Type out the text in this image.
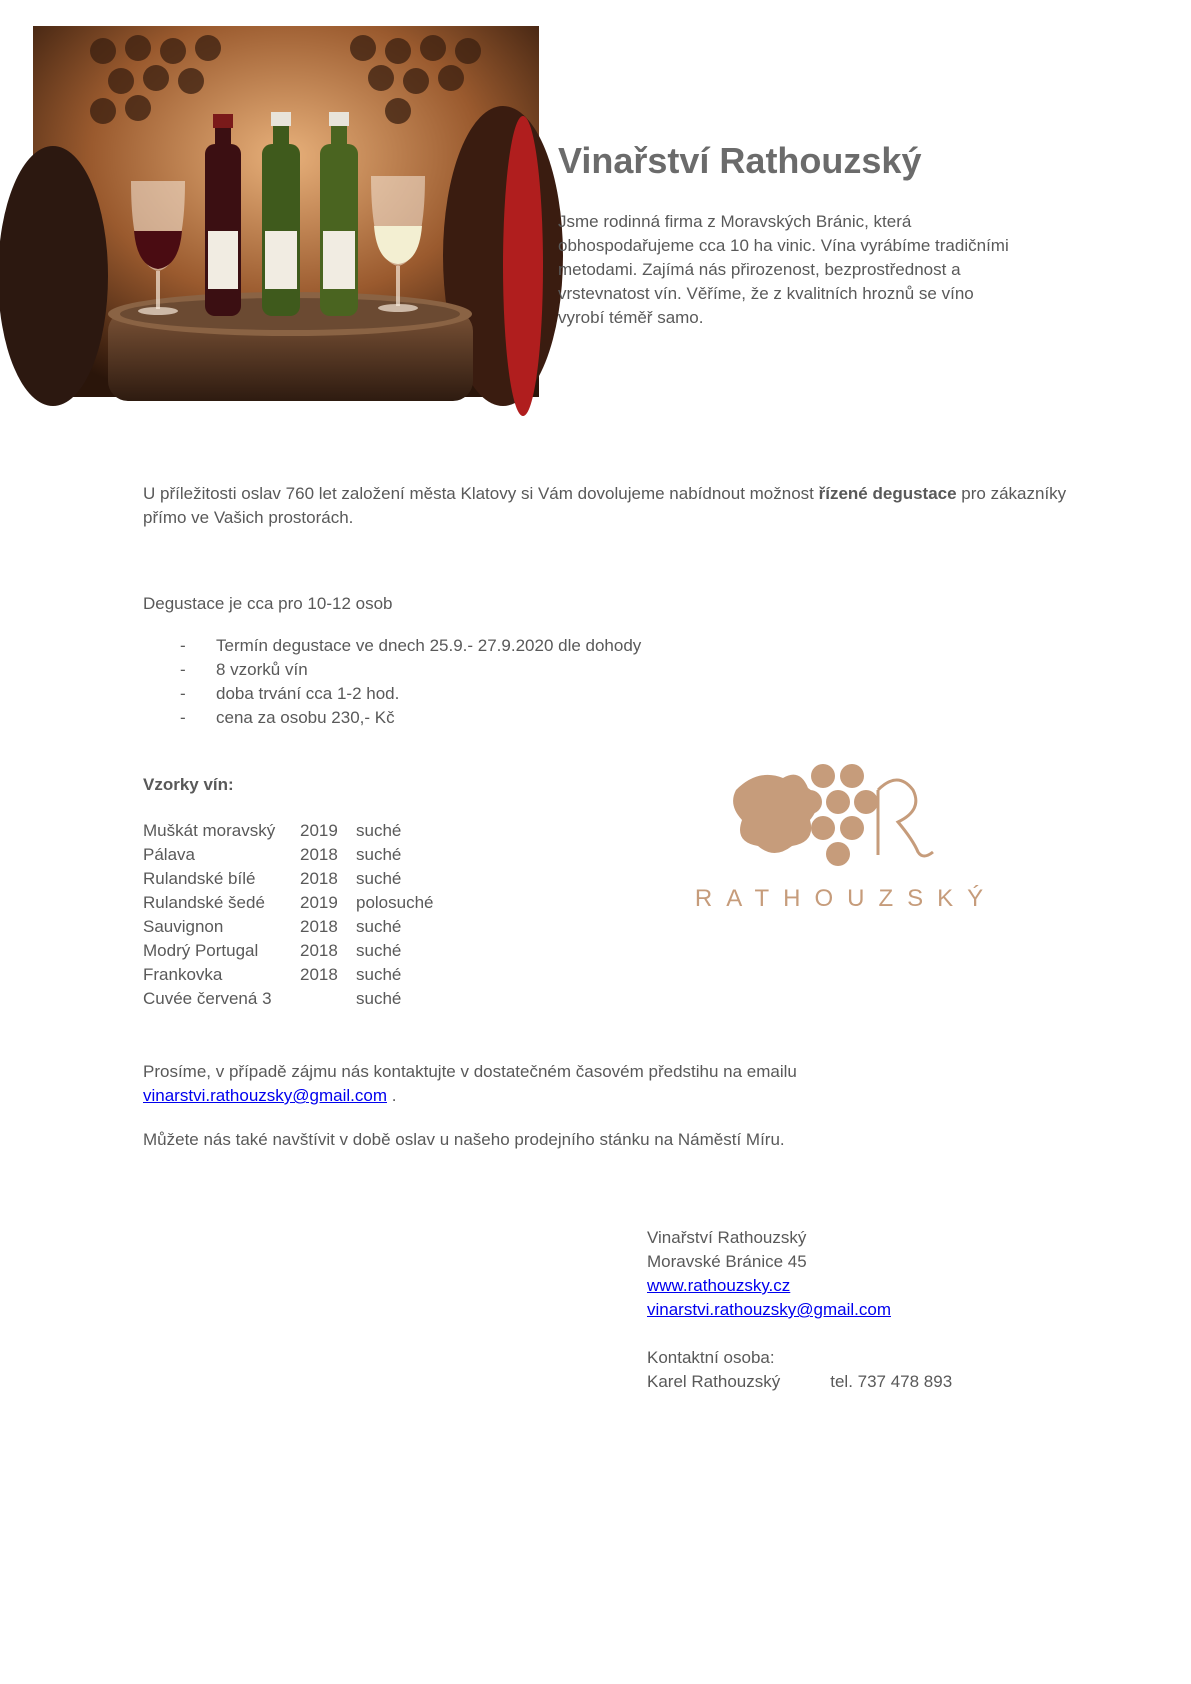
Vinařství Rathouzský
Jsme rodinná firma z Moravských Bránic, která
obhospodařujeme cca 10 ha vinic. Vína vyrábíme tradičními
metodami. Zajímá nás přirozenost, bezprostřednost a
vrstevnatost vín. Věříme, že z kvalitních hroznů se víno
vyrobí téměř samo.
U příležitosti oslav 760 let založení města Klatovy si Vám dovolujeme nabídnout možnost řízené degustace pro zákazníky přímo ve Vašich prostorách.
Degustace je cca pro 10-12 osob
- Termín degustace ve dnech 25.9.- 27.9.2020 dle dohody
- 8 vzorků vín
- doba trvání cca 1-2 hod.
- cena za osobu 230,- Kč
Vzorky vín:
Muškát moravský	2019	suché
Pálava	2018	suché
Rulandské bílé	2018	suché
Rulandské šedé	2019	polosuché
Sauvignon	2018	suché
Modrý Portugal	2018	suché
Frankovka	2018	suché
Cuvée červená 3		suché
RATHOUZSKÝ
Prosíme, v případě zájmu nás kontaktujte v dostatečném časovém předstihu na emailu
vinarstvi.rathouzsky@gmail.com .
Můžete nás také navštívit v době oslav u našeho prodejního stánku na Náměstí Míru.
Vinařství Rathouzský
Moravské Bránice 45
www.rathouzsky.cz
vinarstvi.rathouzsky@gmail.com
Kontaktní osoba:
Karel Rathouzský	tel. 737 478 893
